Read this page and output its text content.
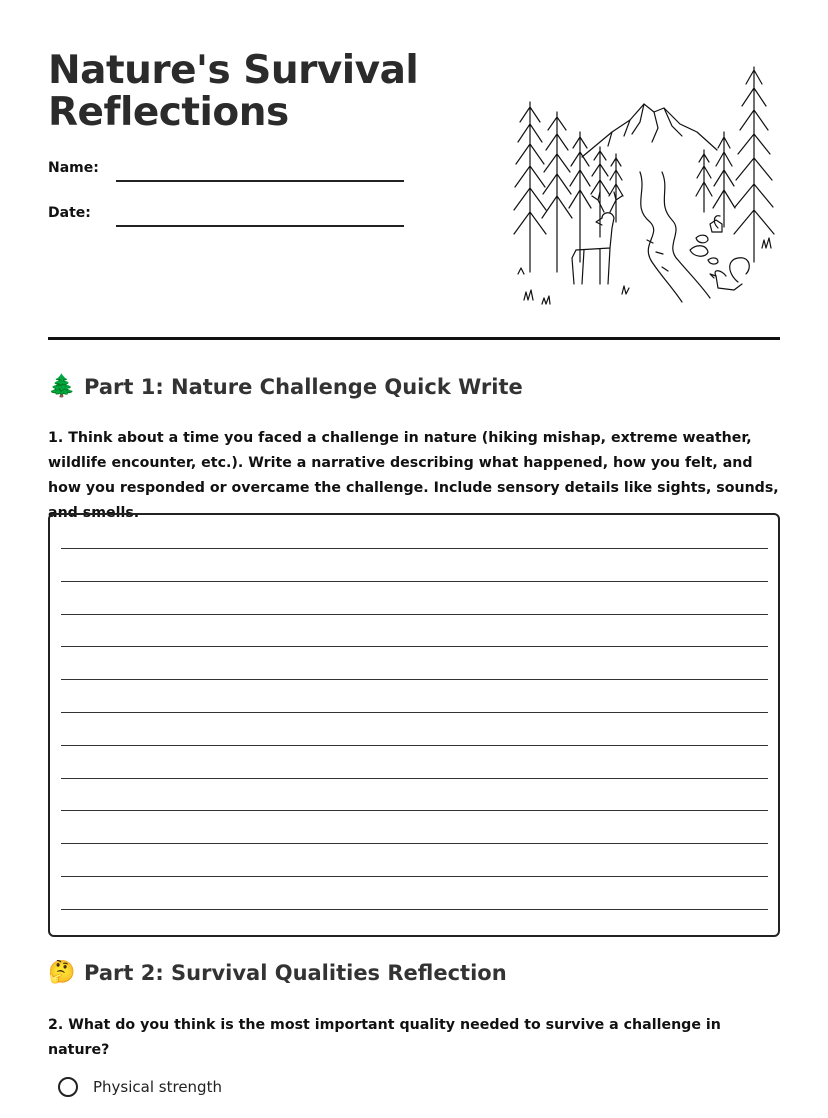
Nature's Survival Reflections
Name:
Date:
🌲 Part 1: Nature Challenge Quick Write

1. Think about a time you faced a challenge in nature (hiking mishap, extreme weather, wildlife encounter, etc.). Write a narrative describing what happened, how you felt, and how you responded or overcame the challenge. Include sensory details like sights, sounds, and smells.

🤔 Part 2: Survival Qualities Reflection

2. What do you think is the most important quality needed to survive a challenge in nature?

Physical strength
